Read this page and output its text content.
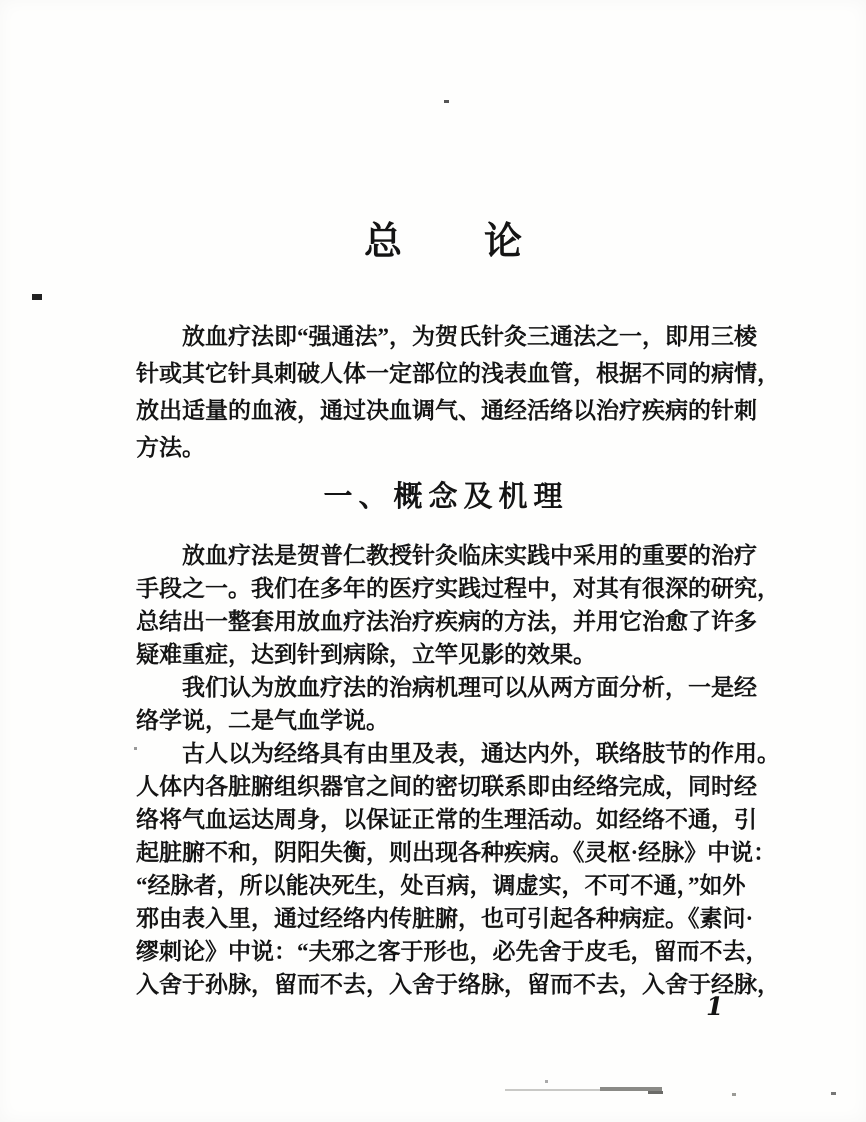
总　　论
放血疗法即“强通法”，为贺氏针灸三通法之一，即用三棱
针或其它针具刺破人体一定部位的浅表血管，根据不同的病情，
放出适量的血液，通过决血调气、通经活络以治疗疾病的针刺
方法。
一、概念及机理
放血疗法是贺普仁教授针灸临床实践中采用的重要的治疗
手段之一。我们在多年的医疗实践过程中，对其有很深的研究，
总结出一整套用放血疗法治疗疾病的方法，并用它治愈了许多
疑难重症，达到针到病除，立竿见影的效果。
我们认为放血疗法的治病机理可以从两方面分析，一是经
络学说，二是气血学说。
古人以为经络具有由里及表，通达内外，联络肢节的作用。
人体内各脏腑组织器官之间的密切联系即由经络完成，同时经
络将气血运达周身，以保证正常的生理活动。如经络不通，引
起脏腑不和，阴阳失衡，则出现各种疾病。《灵枢·经脉》中说：
“经脉者，所以能决死生，处百病，调虚实，不可不通，”如外
邪由表入里，通过经络内传脏腑，也可引起各种病症。《素问·
缪刺论》中说：“夫邪之客于形也，必先舍于皮毛，留而不去，
入舍于孙脉，留而不去，入舍于络脉，留而不去，入舍于经脉，
1
